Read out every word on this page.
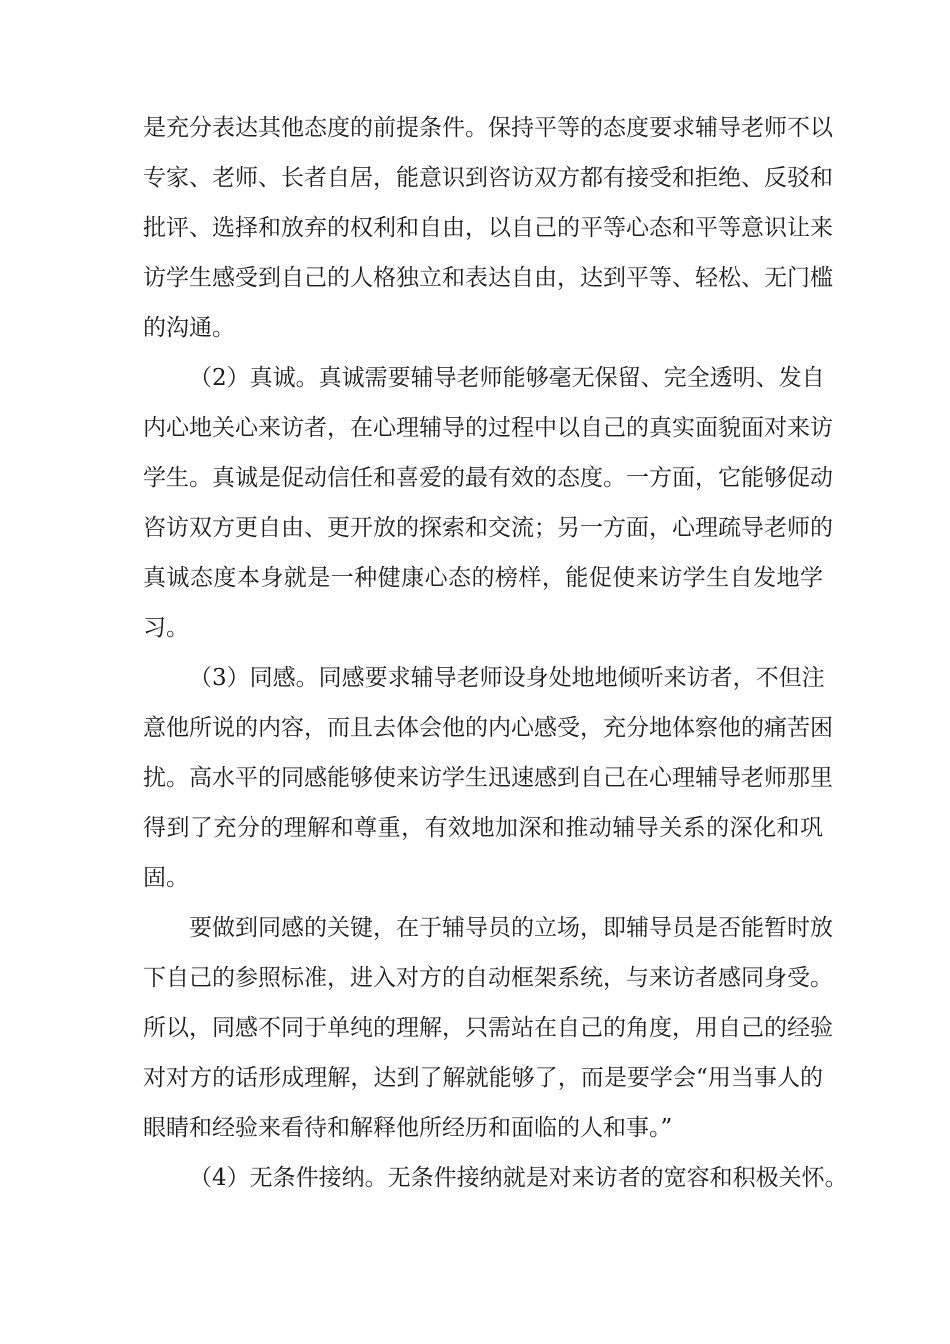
是充分表达其他态度的前提条件。保持平等的态度要求辅导老师不以
专家、老师、长者自居，能意识到咨访双方都有接受和拒绝、反驳和
批评、选择和放弃的权利和自由，以自己的平等心态和平等意识让来
访学生感受到自己的人格独立和表达自由，达到平等、轻松、无门槛
的沟通。
（2）真诚。真诚需要辅导老师能够毫无保留、完全透明、发自
内心地关心来访者，在心理辅导的过程中以自己的真实面貌面对来访
学生。真诚是促动信任和喜爱的最有效的态度。一方面，它能够促动
咨访双方更自由、更开放的探索和交流；另一方面，心理疏导老师的
真诚态度本身就是一种健康心态的榜样，能促使来访学生自发地学
习。
（3）同感。同感要求辅导老师设身处地地倾听来访者，不但注
意他所说的内容，而且去体会他的内心感受，充分地体察他的痛苦困
扰。高水平的同感能够使来访学生迅速感到自己在心理辅导老师那里
得到了充分的理解和尊重，有效地加深和推动辅导关系的深化和巩
固。
要做到同感的关键，在于辅导员的立场，即辅导员是否能暂时放
下自己的参照标准，进入对方的自动框架系统，与来访者感同身受。
所以，同感不同于单纯的理解，只需站在自己的角度，用自己的经验
对对方的话形成理解，达到了解就能够了，而是要学会“用当事人的
眼睛和经验来看待和解释他所经历和面临的人和事。”
（4）无条件接纳。无条件接纳就是对来访者的宽容和积极关怀。
